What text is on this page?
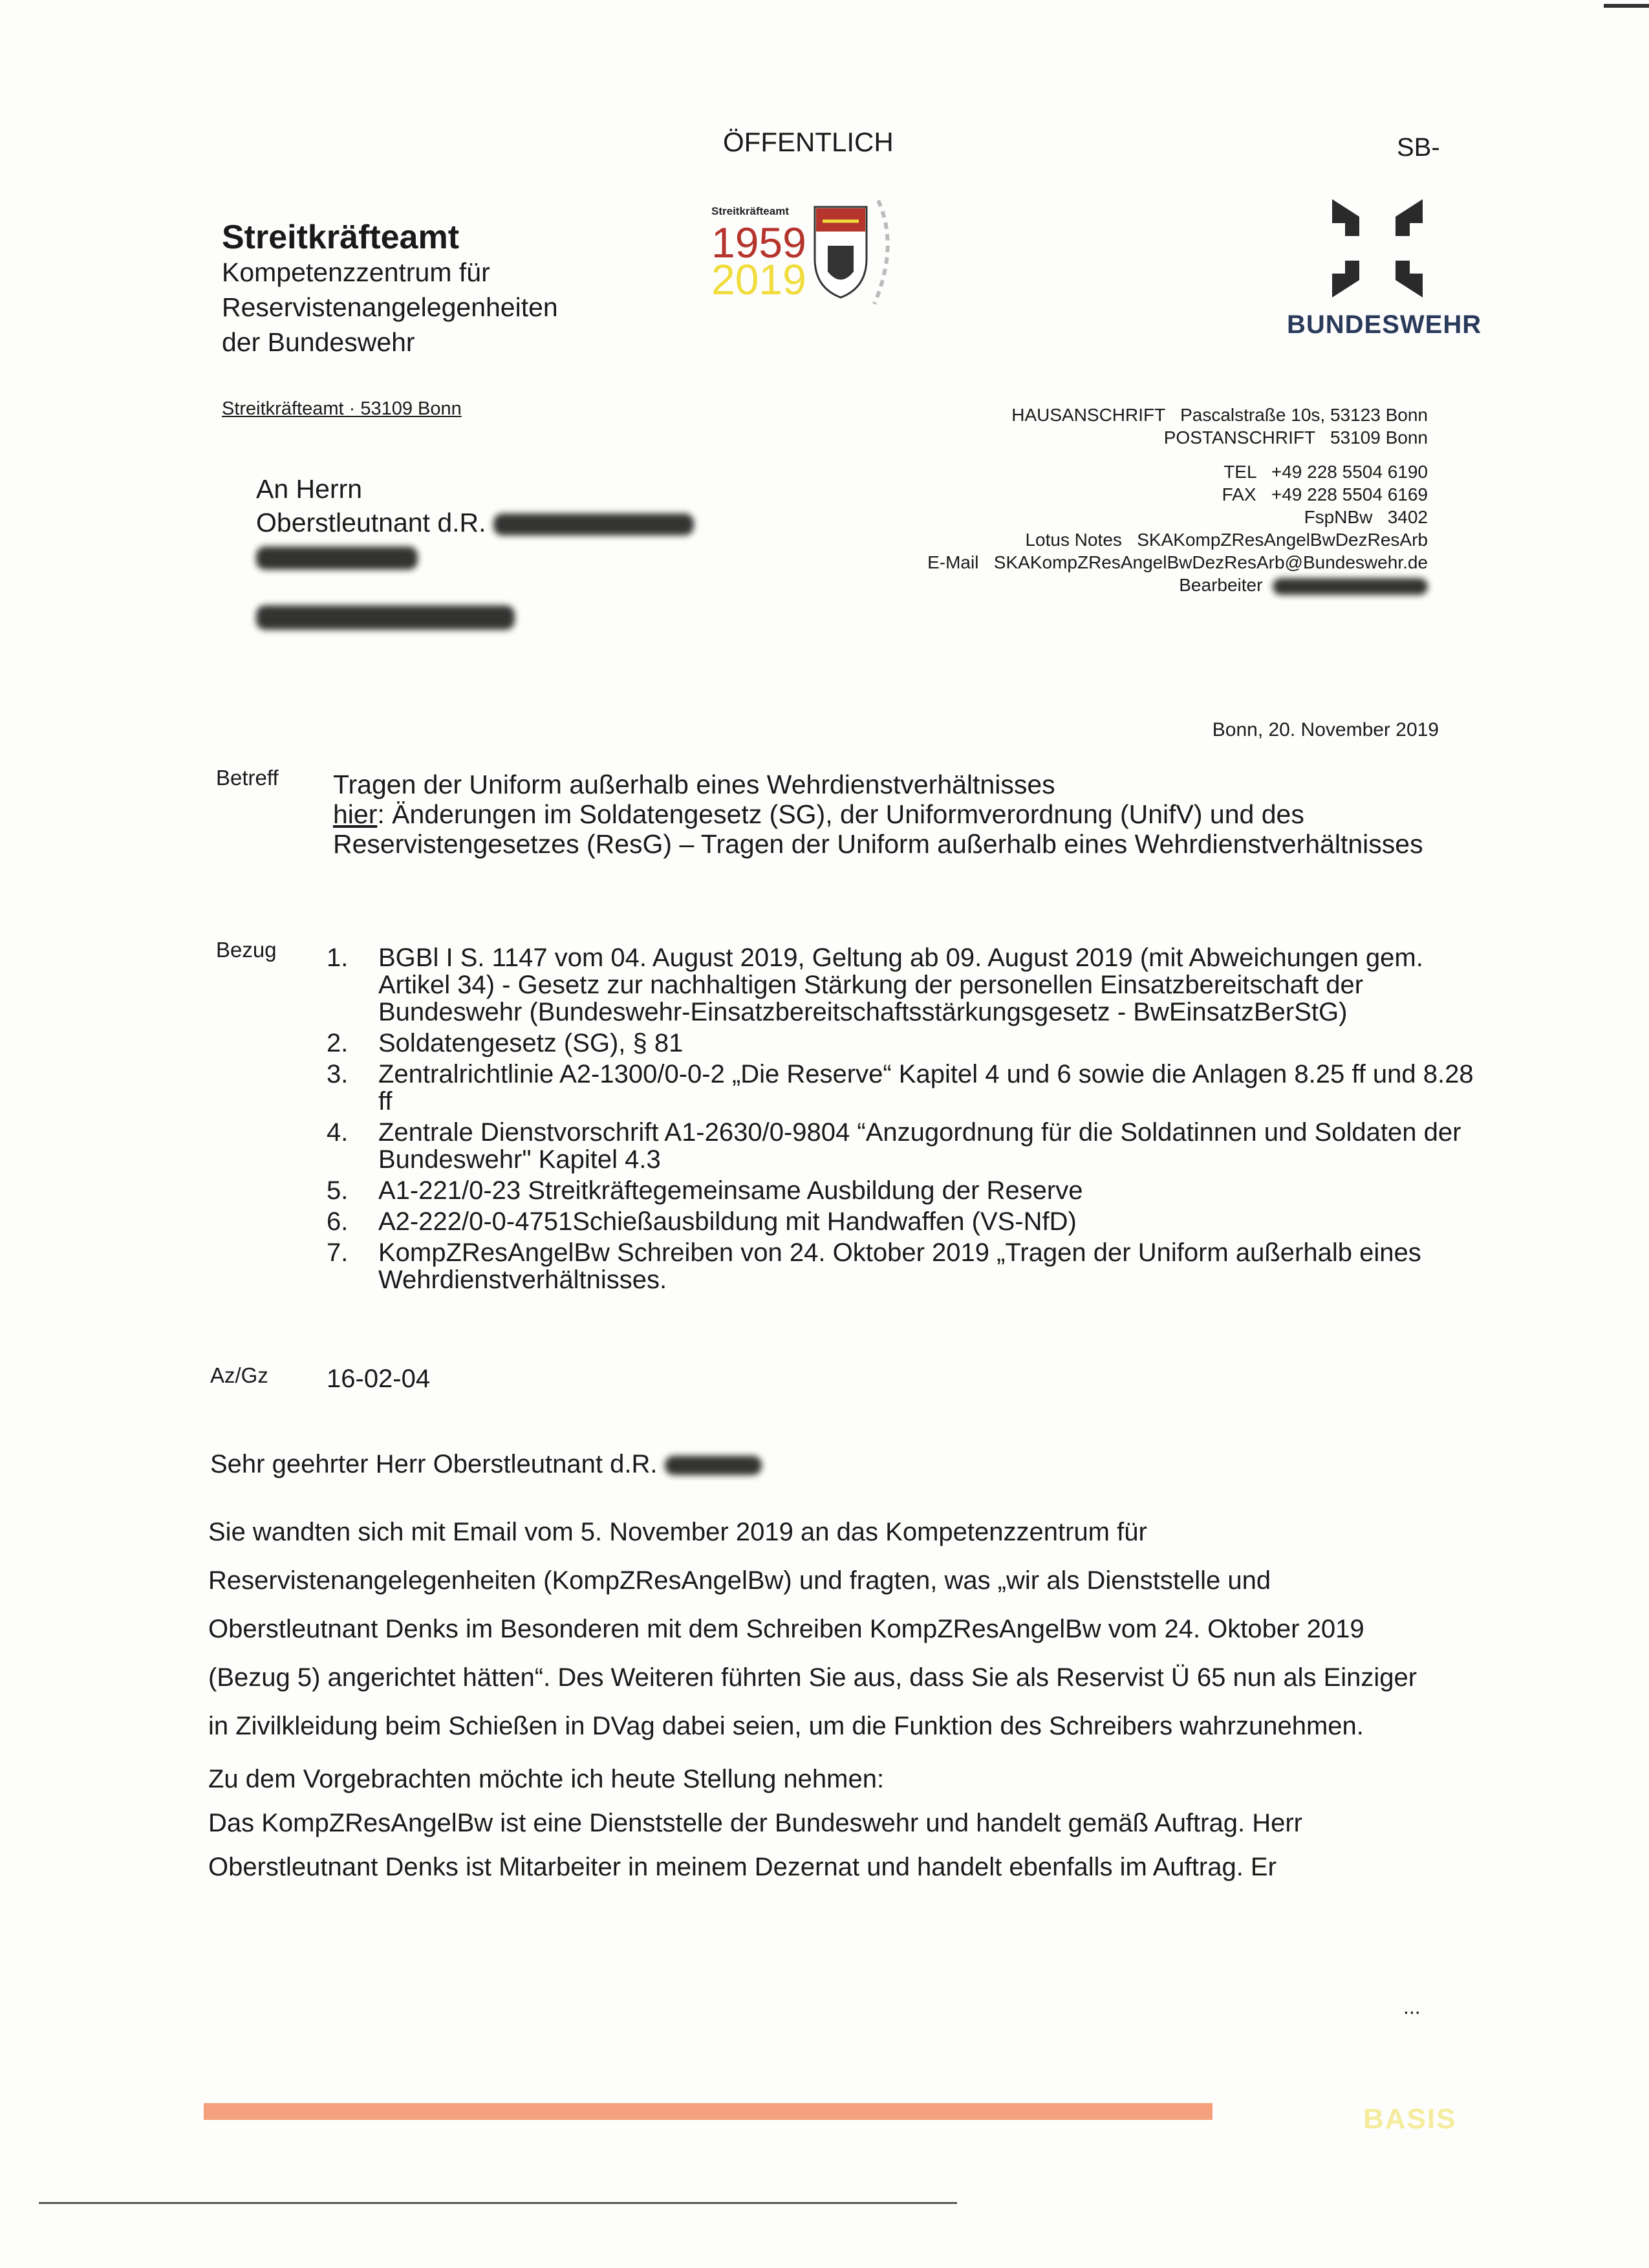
ÖFFENTLICH	SB-
Streitkräfteamt
Kompetenzzentrum für
Reservistenangelegenheiten
der Bundeswehr
Streitkräfteamt
1959
2019
BUNDESWEHR
Streitkräfteamt · 53109 Bonn	HAUSANSCHRIFT Pascalstraße 10s, 53123 Bonn
POSTANSCHRIFT 53109 Bonn
TEL +49 228 5504 6190
FAX +49 228 5504 6169
FspNBw 3402
Lotus Notes SKAKompZResAngelBwDezResArb
E-Mail SKAKompZResAngelBwDezResArb@Bundeswehr.de
Bearbeiter
An Herrn
Oberstleutnant d.R.
Bonn, 20. November 2019
Betreff Tragen der Uniform außerhalb eines Wehrdienstverhältnisses
hier: Änderungen im Soldatengesetz (SG), der Uniformverordnung (UnifV) und des Reservistengesetzes (ResG) – Tragen der Uniform außerhalb eines Wehrdienstverhältnisses
Bezug 1.	BGBl I S. 1147 vom 04. August 2019, Geltung ab 09. August 2019 (mit Abweichungen gem. Artikel 34) - Gesetz zur nachhaltigen Stärkung der personellen Einsatzbereitschaft der Bundeswehr (Bundeswehr-Einsatzbereitschaftsstärkungsgesetz - BwEinsatzBerStG)
2.	Soldatengesetz (SG), § 81
3.	Zentralrichtlinie A2-1300/0-0-2 „Die Reserve“ Kapitel 4 und 6 sowie die Anlagen 8.25 ff und 8.28 ff
4.	Zentrale Dienstvorschrift A1-2630/0-9804 “Anzugordnung für die Soldatinnen und Soldaten der Bundeswehr" Kapitel 4.3
5.	A1-221/0-23 Streitkräftegemeinsame Ausbildung der Reserve
6.	A2-222/0-0-4751Schießausbildung mit Handwaffen (VS-NfD)
7.	KompZResAngelBw Schreiben von 24. Oktober 2019 „Tragen der Uniform außerhalb eines Wehrdienstverhältnisses.
Az/Gz 16-02-04
Sehr geehrter Herr Oberstleutnant d.R.

Sie wandten sich mit Email vom 5. November 2019 an das Kompetenzzentrum für Reservistenangelegenheiten (KompZResAngelBw) und fragten, was „wir als Dienststelle und Oberstleutnant Denks im Besonderen mit dem Schreiben KompZResAngelBw vom 24. Oktober 2019 (Bezug 5) angerichtet hätten“. Des Weiteren führten Sie aus, dass Sie als Reservist Ü 65 nun als Einziger in Zivilkleidung beim Schießen in DVag dabei seien, um die Funktion des Schreibers wahrzunehmen.

Zu dem Vorgebrachten möchte ich heute Stellung nehmen:

Das KompZResAngelBw ist eine Dienststelle der Bundeswehr und handelt gemäß Auftrag. Herr Oberstleutnant Denks ist Mitarbeiter in meinem Dezernat und handelt ebenfalls im Auftrag. Er

...
BASIS
